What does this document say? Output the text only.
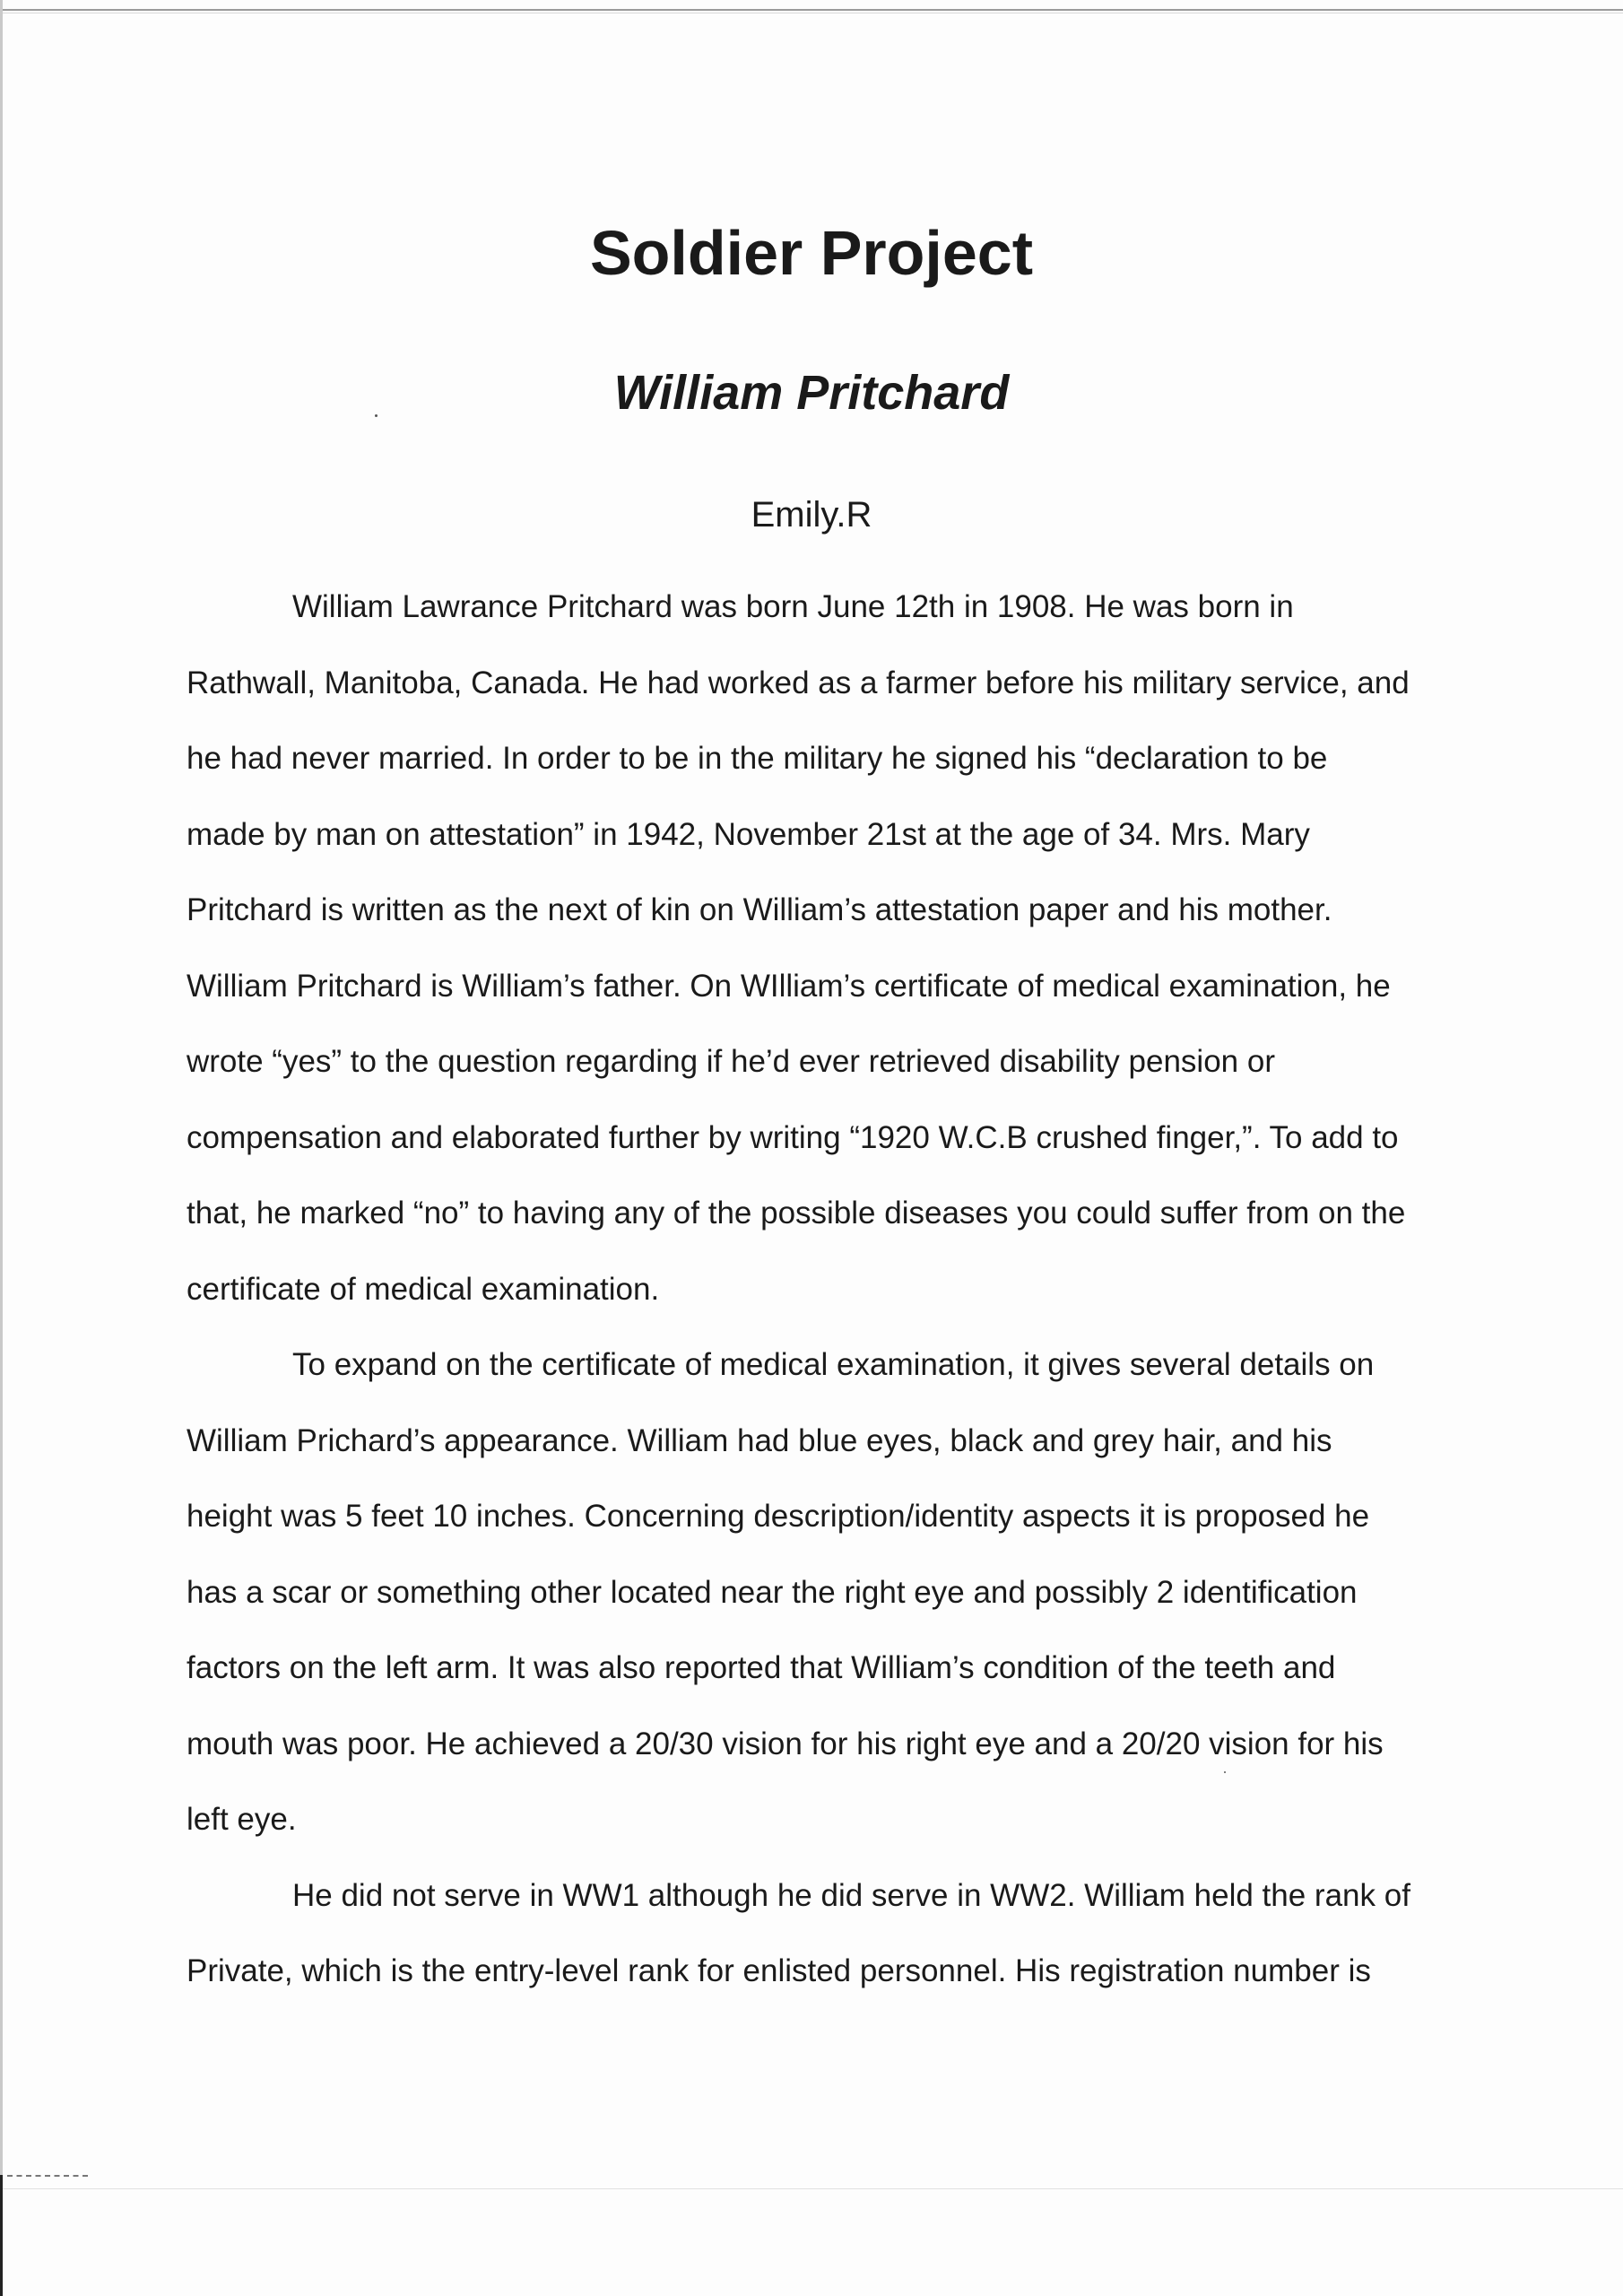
Soldier Project
William Pritchard
Emily.R
William Lawrance Pritchard was born June 12th in 1908. He was born in
Rathwall, Manitoba, Canada. He had worked as a farmer before his military service, and
he had never married. In order to be in the military he signed his “declaration to be
made by man on attestation” in 1942, November 21st at the age of 34. Mrs. Mary
Pritchard is written as the next of kin on William’s attestation paper and his mother.
William Pritchard is William’s father. On WIlliam’s certificate of medical examination, he
wrote “yes” to the question regarding if he’d ever retrieved disability pension or
compensation and elaborated further by writing “1920 W.C.B crushed finger,”. To add to
that, he marked “no” to having any of the possible diseases you could suffer from on the
certificate of medical examination.
To expand on the certificate of medical examination, it gives several details on
William Prichard’s appearance. William had blue eyes, black and grey hair, and his
height was 5 feet 10 inches. Concerning description/identity aspects it is proposed he
has a scar or something other located near the right eye and possibly 2 identification
factors on the left arm. It was also reported that William’s condition of the teeth and
mouth was poor. He achieved a 20/30 vision for his right eye and a 20/20 vision for his
left eye.
He did not serve in WW1 although he did serve in WW2. William held the rank of
Private, which is the entry-level rank for enlisted personnel. His registration number is
